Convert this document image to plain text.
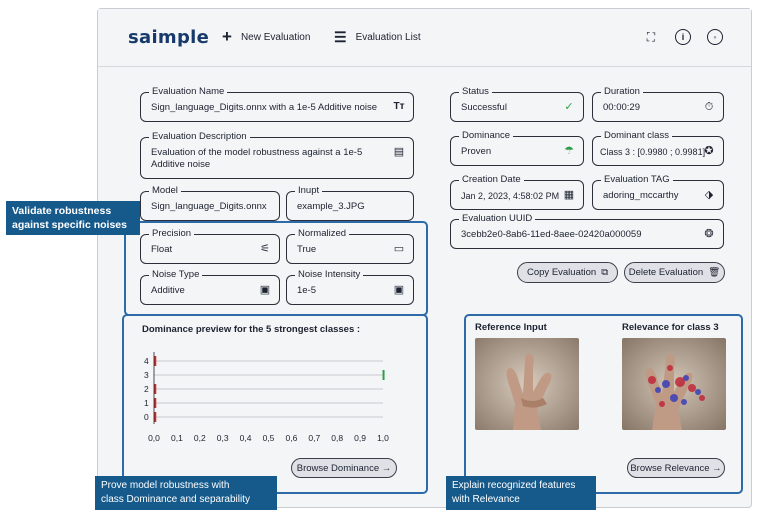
saimple + New Evaluation ☰ Evaluation List	⛶	i	◦
Evaluation Name
Sign_language_Digits.onnx with a 1e-5 Additive noise	Tт
Evaluation Description
Evaluation of the model robustness against a 1e-5 Additive noise
▤
Model
Sign_language_Digits.onnx
Inupt
example_3.JPG
Precision
Float	⚟
Normalized
True	▭
Noise Type
Additive	▣
Noise Intensity
1e-5	▣
Status
Successful	✓
Duration
00:00:29	⏱
Dominance
Proven	☂
Dominant class
Class 3 : [0.9980 ; 0.9981] ✪
Creation Date
Jan 2, 2023, 4:58:02 PM ▦
Evaluation TAG
adoring_mccarthy	⬗
Evaluation UUID
3cebb2e0-8ab6-11ed-8aee-02420a000059	❂
Copy Evaluation ⧉ Delete Evaluation 🗑
Dominance preview for the 5 strongest classes :
4
3
2
1
0
0,0 0,1 0,2 0,3 0,4 0,5 0,6 0,7 0,8 0,9 1,0
Browse Dominance →
Reference Input	Relevance for class 3
Browse Relevance →
Validate robustness
against specific noises
Prove model robustness with
class Dominance and separability
Explain recognized features
with Relevance
